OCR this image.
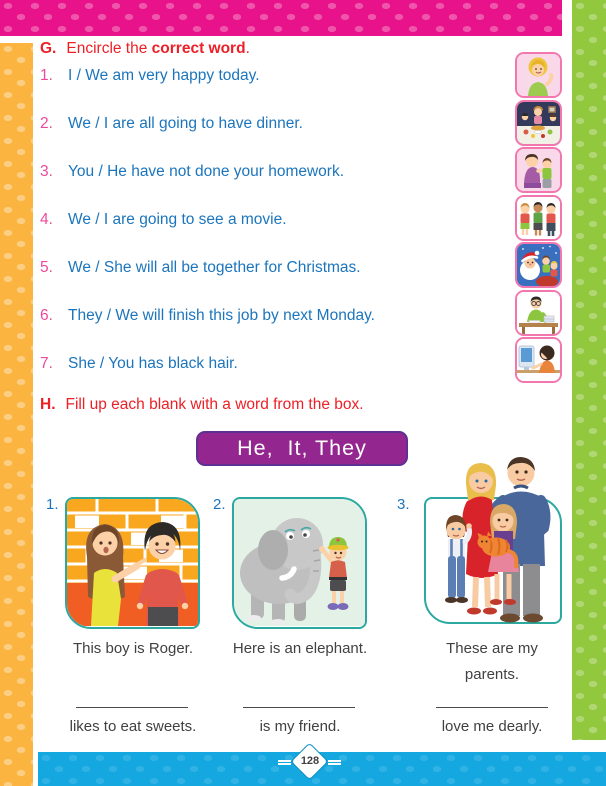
128

G. Encircle the correct word.

1. I / We am very happy today.
2. We / I are all going to have dinner.
3. You / He have not done your homework.
4. We / I are going to see a movie.
5. We / She will all be together for Christmas.
6. They / We will finish this job by next Monday.
7. She / You has black hair.

H. Fill up each blank with a word from the box.

He,  It, They
1.	2.	3.
This boy is Roger.	Here is an elephant.	These are my parents.
likes to eat sweets.	is my friend.	love me dearly.
